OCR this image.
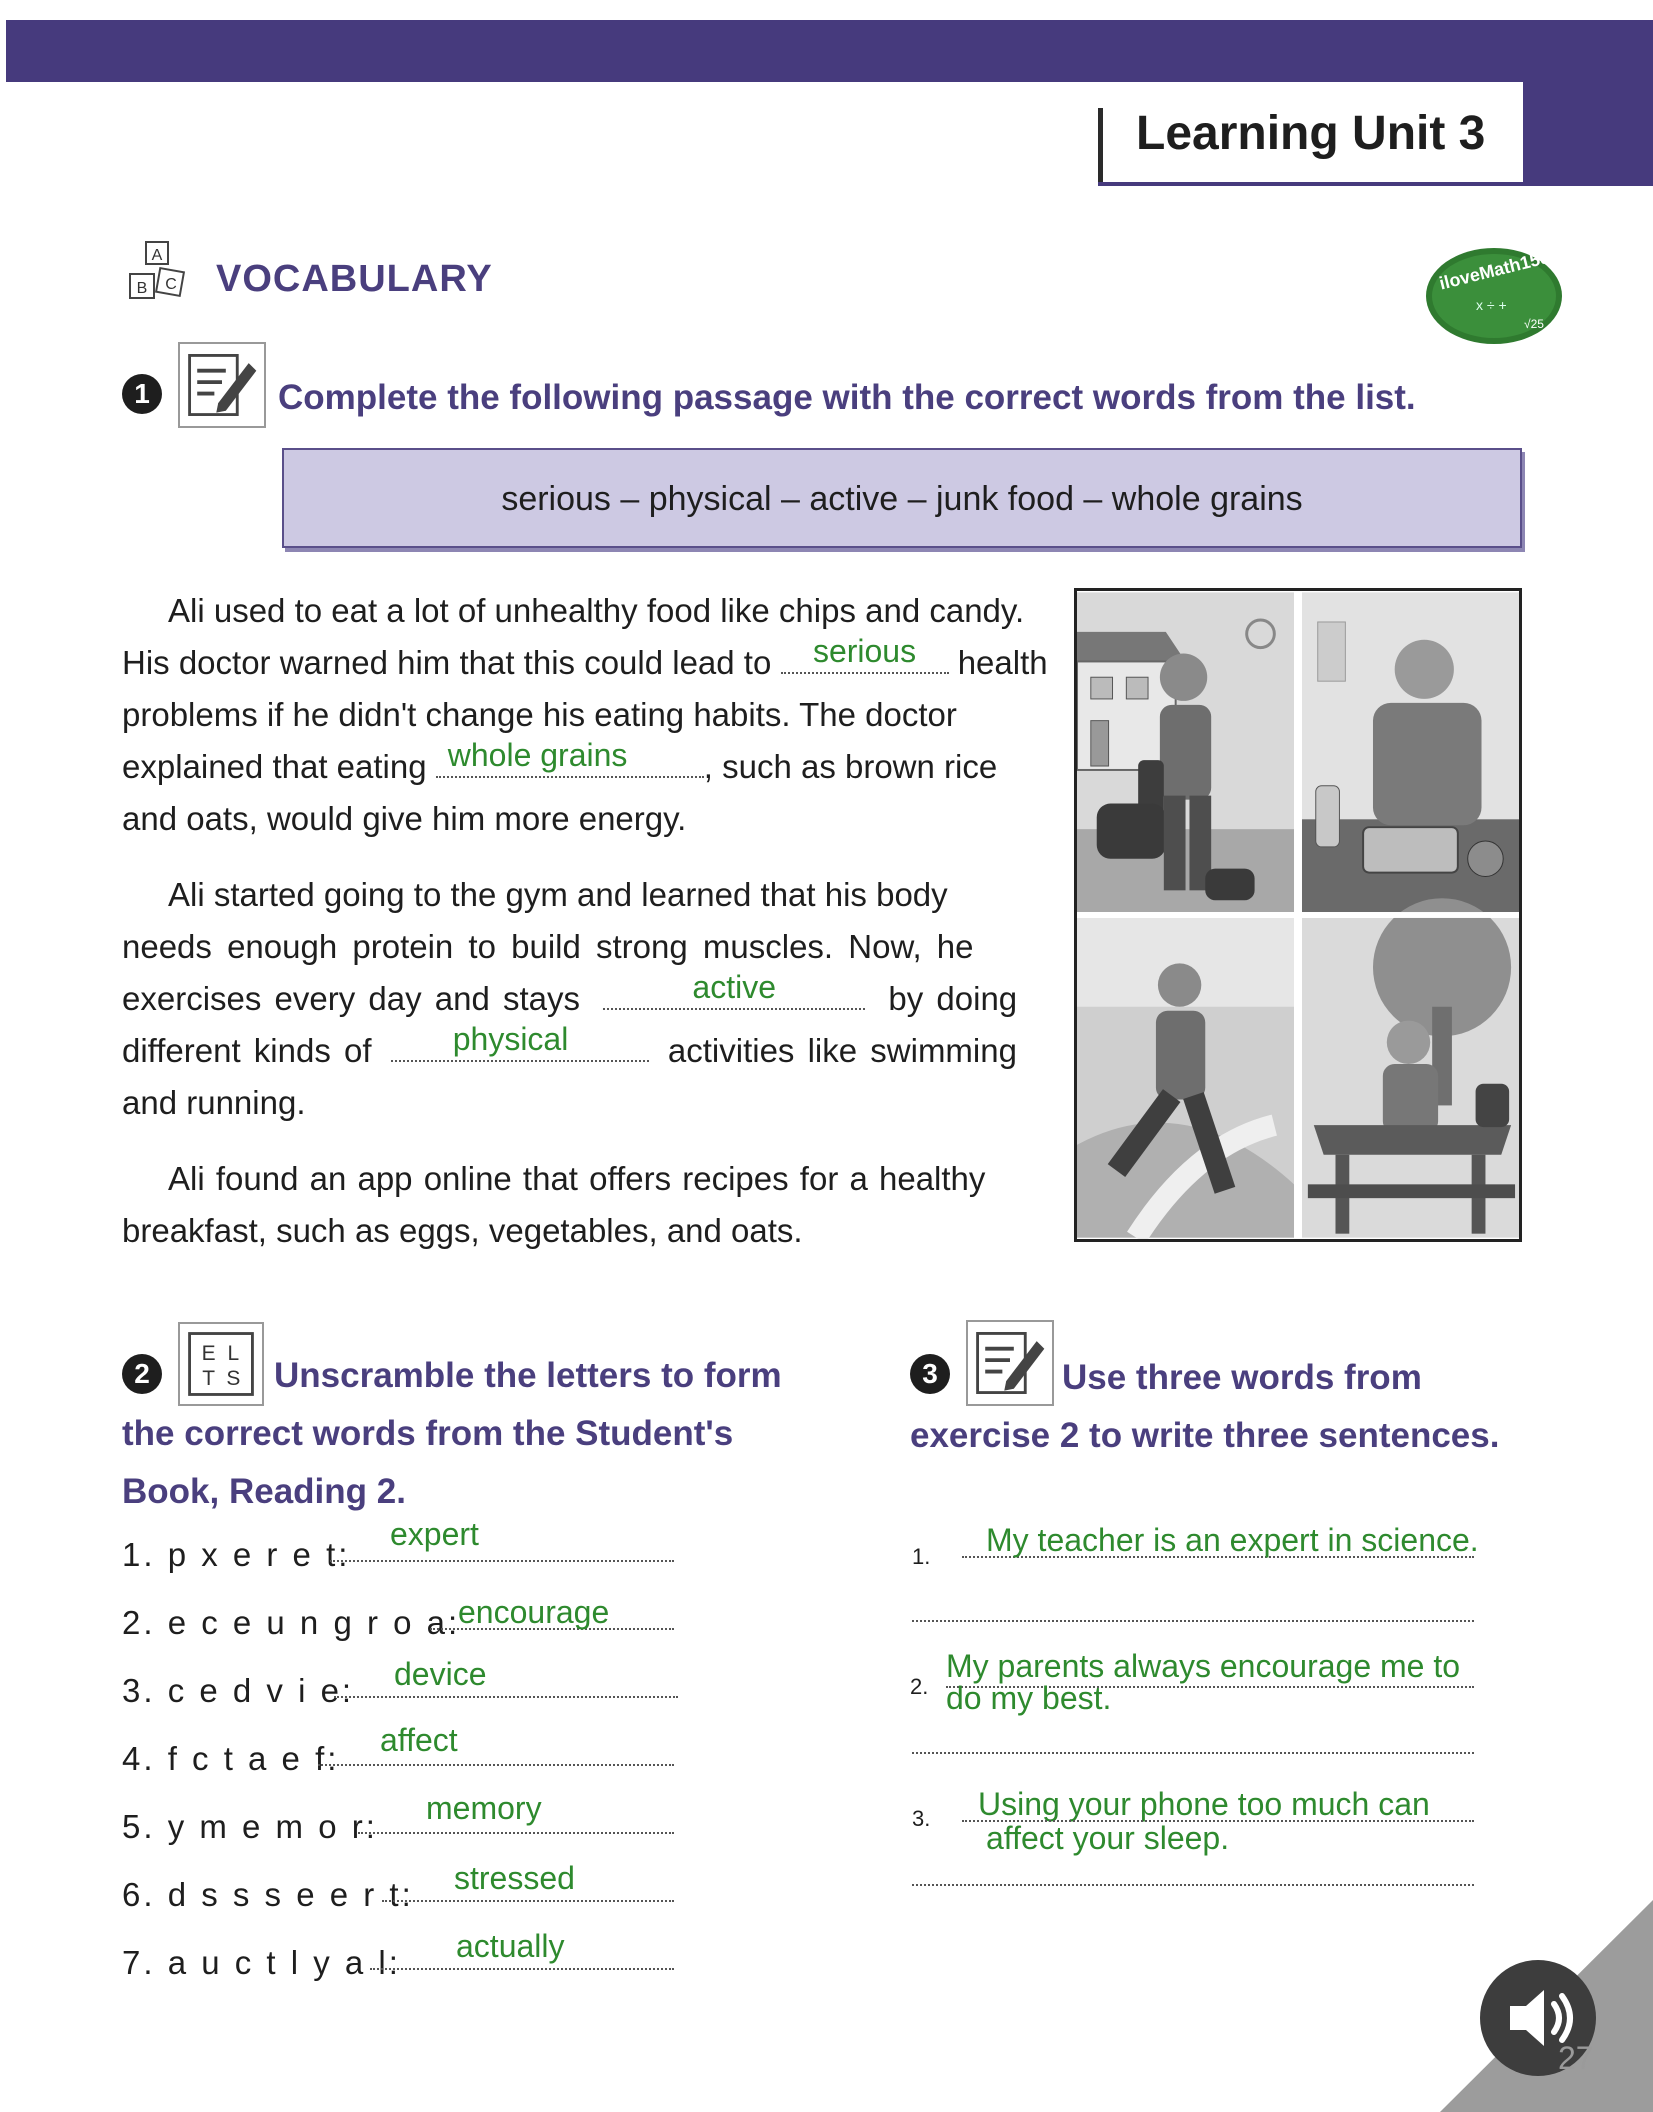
Learning Unit 3
A
B C VOCABULARY	iloveMath158
√25
x ÷ +
1	Complete the following passage with the correct words from the list.
serious – physical – active – junk food – whole grains
Ali used to eat a lot of unhealthy food like chips and candy.
His doctor warned him that this could lead to	serious	health
problems if he didn't change his eating habits. The doctor
explained that eating whole grains	, such as brown rice
and oats, would give him more energy.
Ali started going to the gym and learned that his body
needs enough protein to build strong muscles. Now, he
exercises every day and stays	active	by doing
different kinds of	physical	activities like swimming
and running.
Ali found an app online that offers recipes for a healthy
breakfast, such as eggs, vegetables, and oats.
2
E L
T S Unscramble the letters to form
the correct words from the Student's
Book, Reading 2.
1. p x e r e t:
expert
2. e c e u n g r o a:
encourage
3. c e d v i e: device
4. f c t a e f: affect
5. y m e m o r: memory
6. d s s s e e r t: stressed
7. a u c t l y a l: actually
3	Use three words from
exercise 2 to write three sentences.
1. My teacher is an expert in science.
2.
My parents always encourage me to
do my best.
3. Using your phone too much can
affect your sleep.
27
